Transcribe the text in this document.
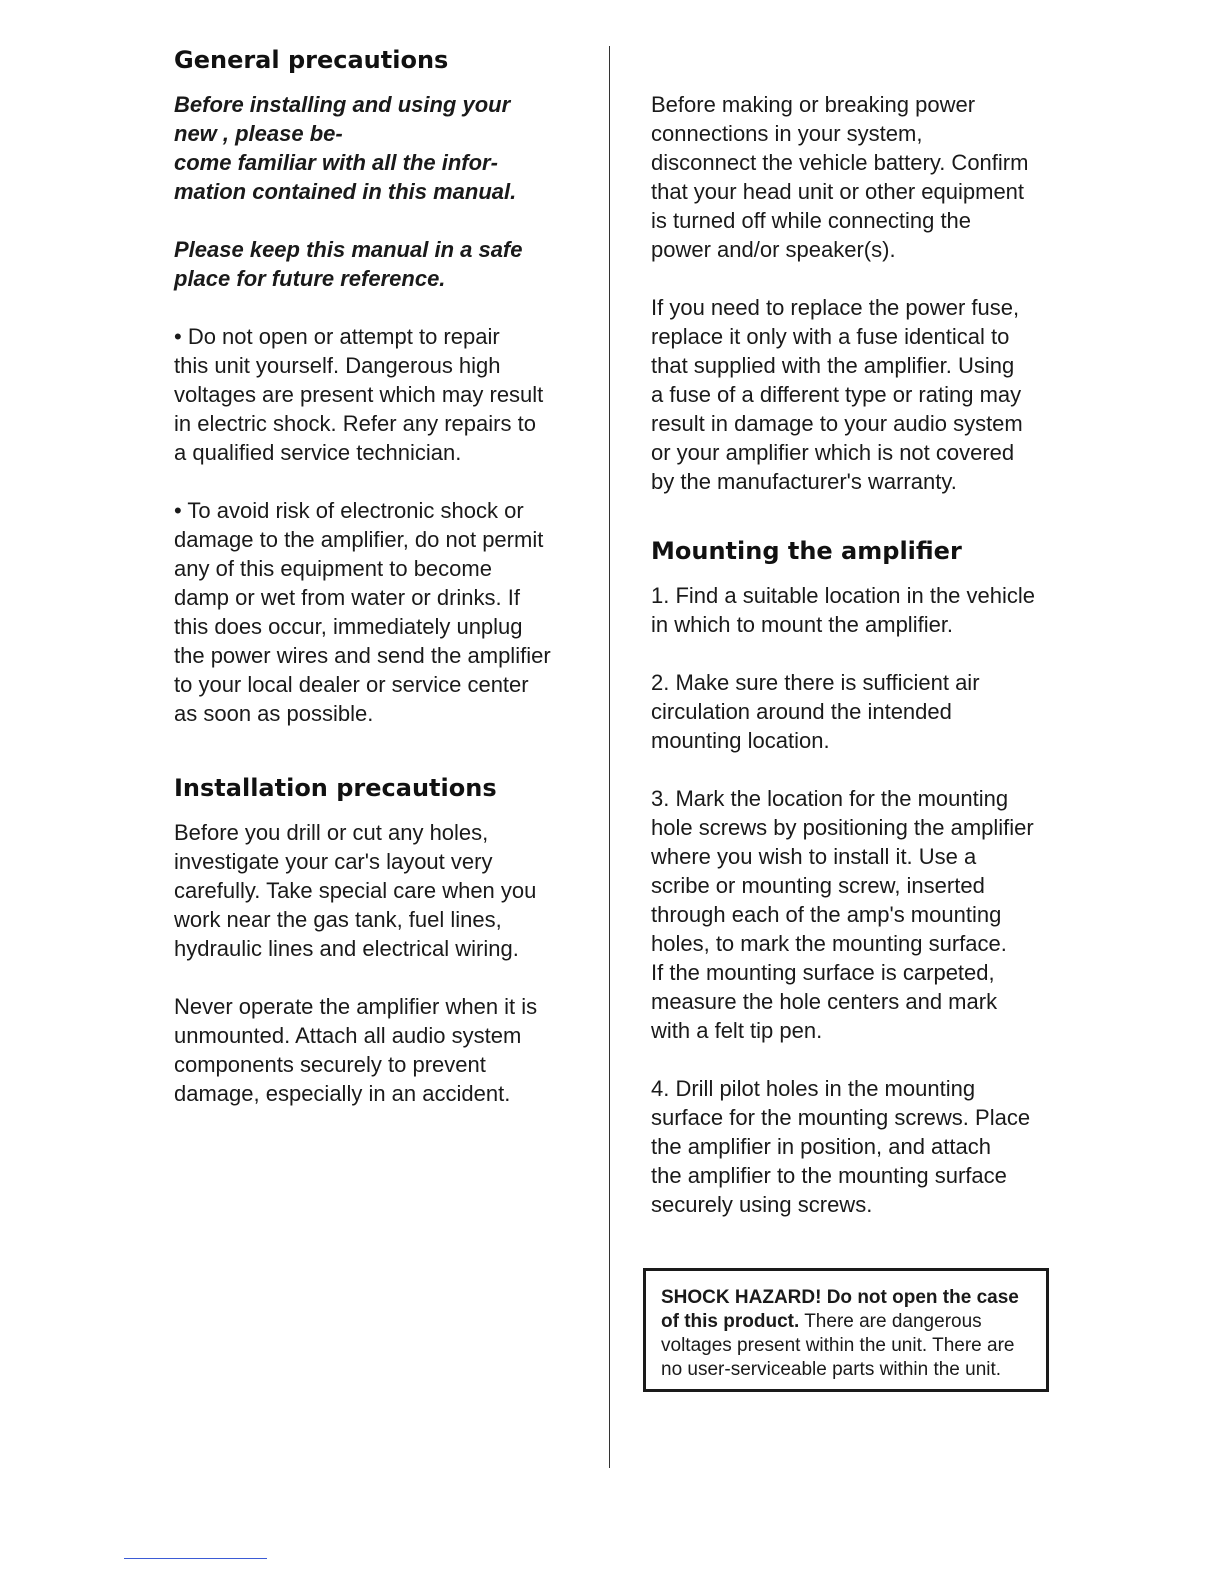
General precautions
Before installing and using your
new , please be-
come familiar with all the infor-
mation contained in this manual.
Please keep this manual in a safe
place for future reference.
• Do not open or attempt to repair
this unit yourself. Dangerous high
voltages are present which may result
in electric shock. Refer any repairs to
a qualified service technician.
• To avoid risk of electronic shock or
damage to the amplifier, do not permit
any of this equipment to become
damp or wet from water or drinks. If
this does occur, immediately unplug
the power wires and send the amplifier
to your local dealer or service center
as soon as possible.
Installation precautions
Before you drill or cut any holes,
investigate your car's layout very
carefully. Take special care when you
work near the gas tank, fuel lines,
hydraulic lines and electrical wiring.
Never operate the amplifier when it is
unmounted. Attach all audio system
components securely to prevent
damage, especially in an accident.
Before making or breaking power
connections in your system,
disconnect the vehicle battery. Confirm
that your head unit or other equipment
is turned off while connecting the
power and/or speaker(s).
If you need to replace the power fuse,
replace it only with a fuse identical to
that supplied with the amplifier. Using
a fuse of a different type or rating may
result in damage to your audio system
or your amplifier which is not covered
by the manufacturer's warranty.
Mounting the amplifier
1. Find a suitable location in the vehicle
in which to mount the amplifier.
2. Make sure there is sufficient air
circulation around the intended
mounting location.
3. Mark the location for the mounting
hole screws by positioning the amplifier
where you wish to install it. Use a
scribe or mounting screw, inserted
through each of the amp's mounting
holes, to mark the mounting surface.
If the mounting surface is carpeted,
measure the hole centers and mark
with a felt tip pen.
4. Drill pilot holes in the mounting
surface for the mounting screws. Place
the amplifier in position, and attach
the amplifier to the mounting surface
securely using screws.
SHOCK HAZARD! Do not open the case
of this product. There are dangerous
voltages present within the unit. There are
no user-serviceable parts within the unit.
